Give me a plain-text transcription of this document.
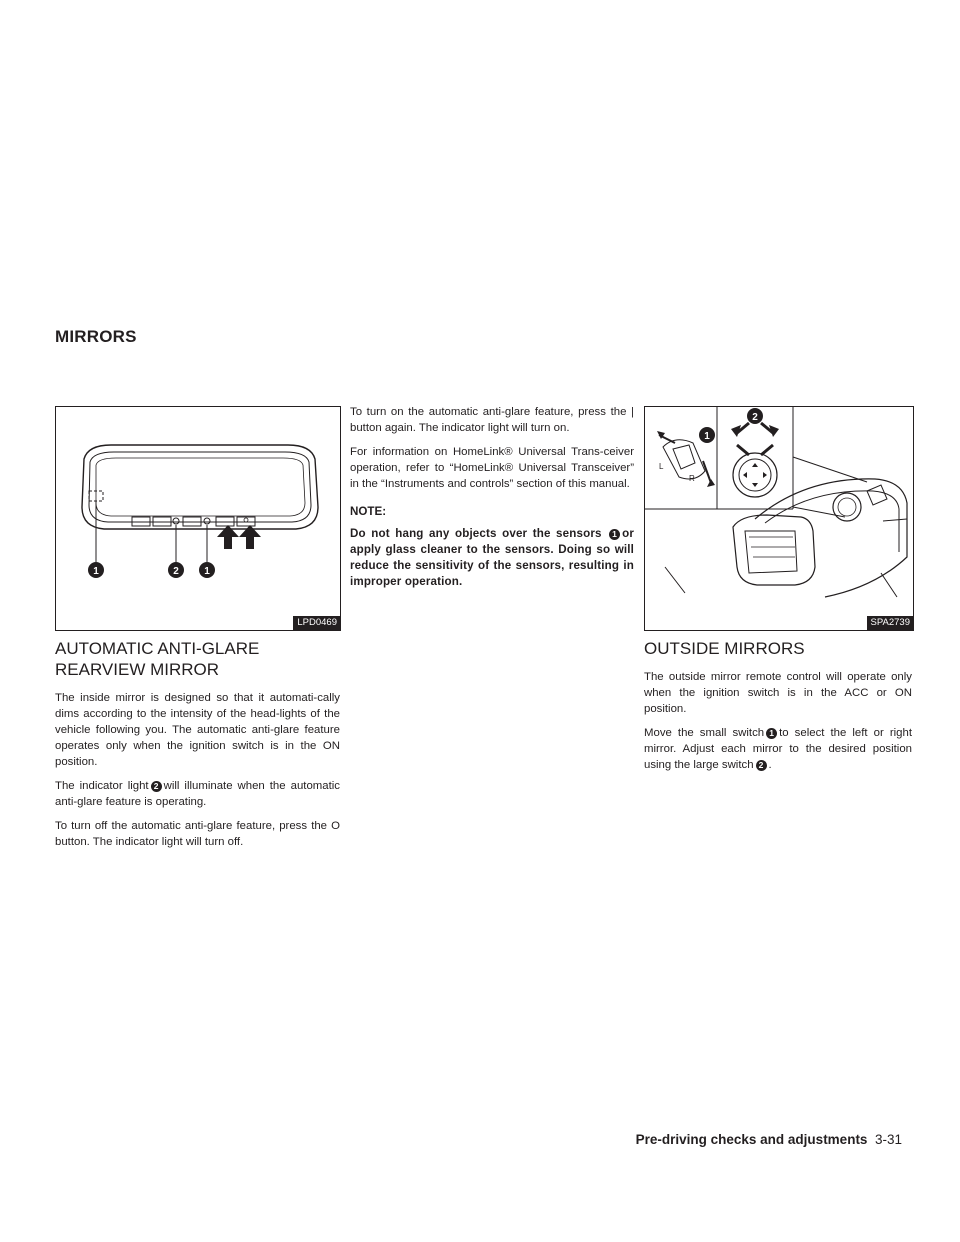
MIRRORS
1	2	1
LPD0469
AUTOMATIC ANTI-GLARE
REARVIEW MIRROR

The inside mirror is designed so that it automati-cally dims according to the intensity of the head-lights of the vehicle following you. The automatic anti-glare feature operates only when the ignition switch is in the ON position.

The indicator light 2 will illuminate when the automatic anti-glare feature is operating.

To turn off the automatic anti-glare feature, press the O button. The indicator light will turn off.

To turn on the automatic anti-glare feature, press the | button again. The indicator light will turn on.

For information on HomeLink® Universal Trans-ceiver operation, refer to “HomeLink® Universal Transceiver” in the “Instruments and controls” section of this manual.

NOTE:

Do not hang any objects over the sensors 1 or apply glass cleaner to the sensors. Doing so will reduce the sensitivity of the sensors, resulting in improper operation.

L
R
1
2
SPA2739
OUTSIDE MIRRORS

The outside mirror remote control will operate only when the ignition switch is in the ACC or ON position.

Move the small switch 1 to select the left or right mirror. Adjust each mirror to the desired position using the large switch 2 .

Pre-driving checks and adjustments 3-31
